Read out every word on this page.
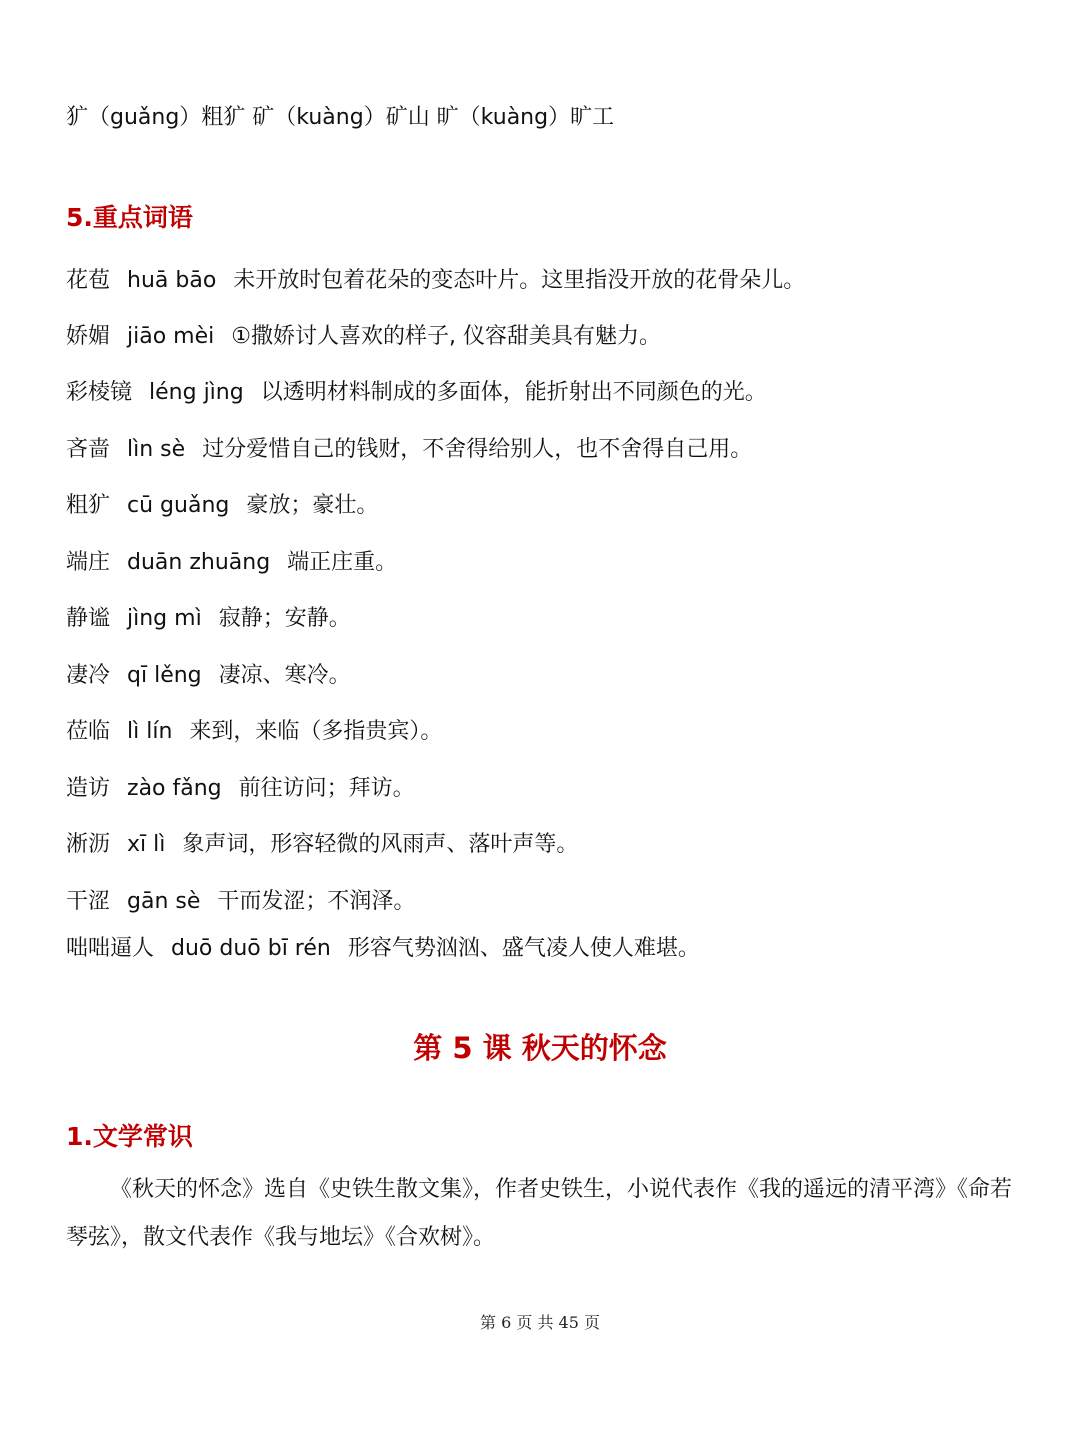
犷（guǎng）粗犷 矿（kuàng）矿山 旷（kuàng）旷工
5.重点词语
花苞 huā bāo 未开放时包着花朵的变态叶片。这里指没开放的花骨朵儿。
娇媚 jiāo mèi ①撒娇讨人喜欢的样子, 仪容甜美具有魅力。
彩棱镜 léng jìng 以透明材料制成的多面体，能折射出不同颜色的光。
吝啬 lìn sè 过分爱惜自己的钱财，不舍得给别人，也不舍得自己用。
粗犷 cū guǎng 豪放；豪壮。
端庄 duān zhuāng 端正庄重。
静谧 jìng mì 寂静；安静。
凄冷 qī lěng 凄凉、寒冷。
莅临 lì lín 来到，来临（多指贵宾）。
造访 zào fǎng 前往访问；拜访。
淅沥 xī lì 象声词，形容轻微的风雨声、落叶声等。
干涩 gān sè 干而发涩；不润泽。
咄咄逼人 duō duō bī rén 形容气势汹汹、盛气凌人使人难堪。
第 5 课 秋天的怀念
1.文学常识
《秋天的怀念》选自《史铁生散文集》，作者史铁生，小说代表作《我的遥远的清平湾》《命若琴弦》，散文代表作《我与地坛》《合欢树》。
第 6 页 共 45 页
